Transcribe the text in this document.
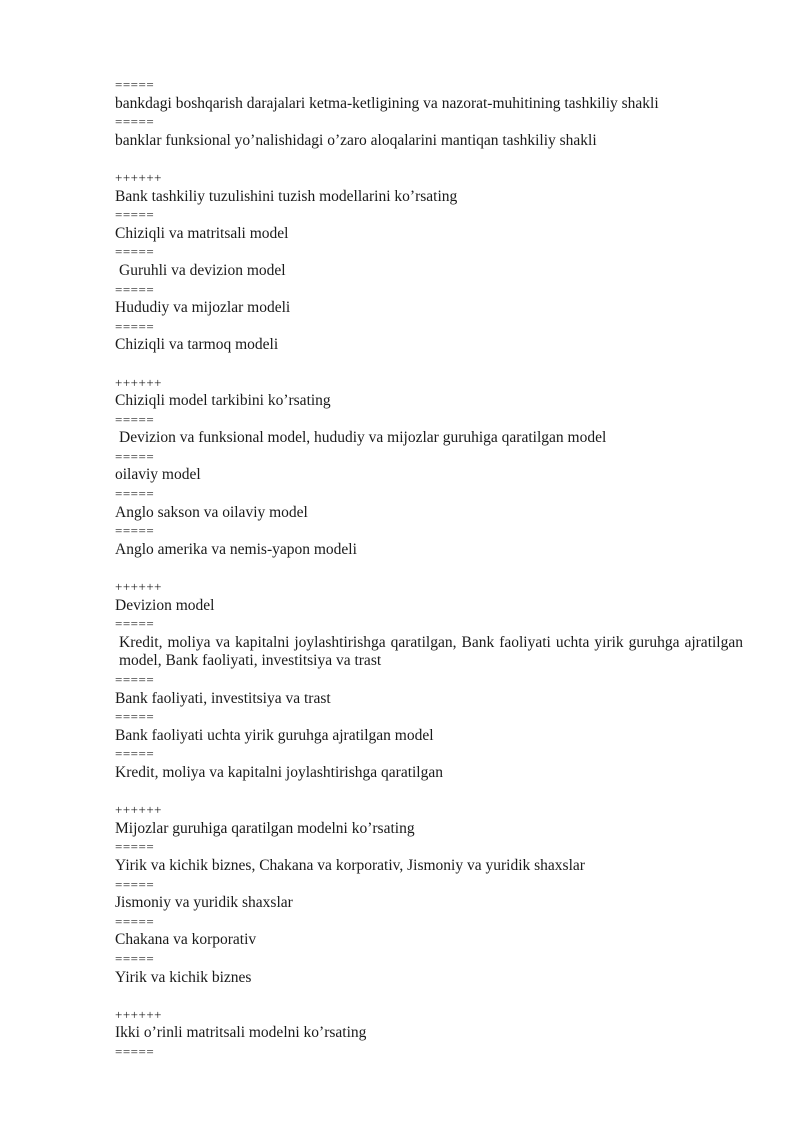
=====
bankdagi boshqarish darajalari ketma-ketligining va nazorat-muhitining tashkiliy shakli
=====
banklar funksional yo’nalishidagi o’zaro aloqalarini mantiqan tashkiliy shakli
++++++
Bank tashkiliy tuzulishini tuzish modellarini ko’rsating
=====
Chiziqli va matritsali model
=====
Guruhli va devizion model
=====
Hududiy va mijozlar modeli
=====
Chiziqli va tarmoq modeli
++++++
Chiziqli model tarkibini ko’rsating
=====
Devizion va funksional model, hududiy va mijozlar guruhiga qaratilgan model
=====
oilaviy model
=====
Anglo sakson va oilaviy model
=====
Anglo amerika va nemis-yapon modeli
++++++
Devizion model
=====
Kredit, moliya va kapitalni joylashtirishga qaratilgan, Bank faoliyati uchta yirik guruhga ajratilgan model, Bank faoliyati, investitsiya va trast
=====
Bank faoliyati, investitsiya va trast
=====
Bank faoliyati uchta yirik guruhga ajratilgan model
=====
Kredit, moliya va kapitalni joylashtirishga qaratilgan
++++++
Mijozlar guruhiga qaratilgan modelni ko’rsating
=====
Yirik va kichik biznes, Chakana va korporativ, Jismoniy va yuridik shaxslar
=====
Jismoniy va yuridik shaxslar
=====
Chakana va korporativ
=====
Yirik va kichik biznes
++++++
Ikki o’rinli matritsali modelni ko’rsating
=====
